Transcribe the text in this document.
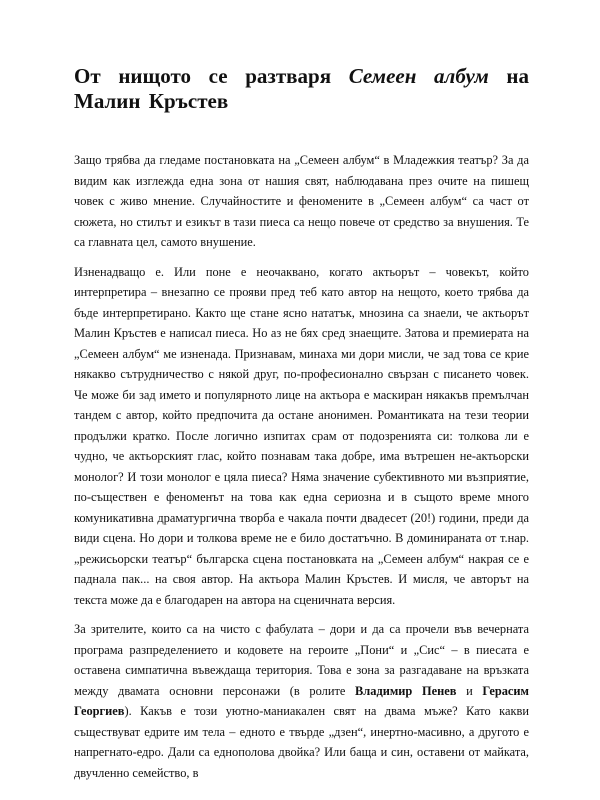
От нищото се разтваря Семеен албум на Малин Кръстев

Защо трябва да гледаме постановката на „Семеен албум“ в Младежкия театър? За да видим как изглежда една зона от нашия свят, наблюдавана през очите на пишещ човек с живо мнение. Случайностите и феномените в „Семеен албум“ са част от сюжета, но стилът и езикът в тази пиеса са нещо повече от средство за внушения. Те са главната цел, самото внушение.

Изненадващо е. Или поне е неочаквано, когато актьорът – човекът, който интерпретира – внезапно се прояви пред теб като автор на нещото, което трябва да бъде интерпретирано. Както ще стане ясно нататък, мнозина са знаели, че актьорът Малин Кръстев е написал пиеса. Но аз не бях сред знаещите. Затова и премиерата на „Семеен албум“ ме изненада. Признавам, минаха ми дори мисли, че зад това се крие някакво сътрудничество с някой друг, по-професионално свързан с писането човек. Че може би зад името и популярното лице на актьора е маскиран някакъв премълчан тандем с автор, който предпочита да остане анонимен. Романтиката на тези теории продължи кратко. После логично изпитах срам от подозренията си: толкова ли е чудно, че актьорският глас, който познавам така добре, има вътрешен не-актьорски монолог? И този монолог е цяла пиеса? Няма значение субективното ми възприятие, по-съществен е феноменът на това как една сериозна и в същото време много комуникативна драматургична творба е чакала почти двадесет (20!) години, преди да види сцена. Но дори и толкова време не е било достатъчно. В доминираната от т.нар. „режисьорски театър“ българска сцена постановката на „Семеен албум“ накрая се е паднала пак... на своя автор. На актьора Малин Кръстев. И мисля, че авторът на текста може да е благодарен на автора на сценичната версия.

За зрителите, които са на чисто с фабулата – дори и да са прочели във вечерната програма разпределението и кодовете на героите „Пони“ и „Сис“ – в пиесата е оставена симпатична въвеждаща територия. Това е зона за разгадаване на връзката между двамата основни персонажи (в ролите Владимир Пенев и Герасим Георгиев). Какъв е този уютно-маниакален свят на двама мъже? Като какви съществуват едрите им тела – едното е твърде „дзен“, инертно-масивно, а другото е напрегнато-едро. Дали са еднополова двойка? Или баща и син, оставени от майката, двучленно семейство, в
